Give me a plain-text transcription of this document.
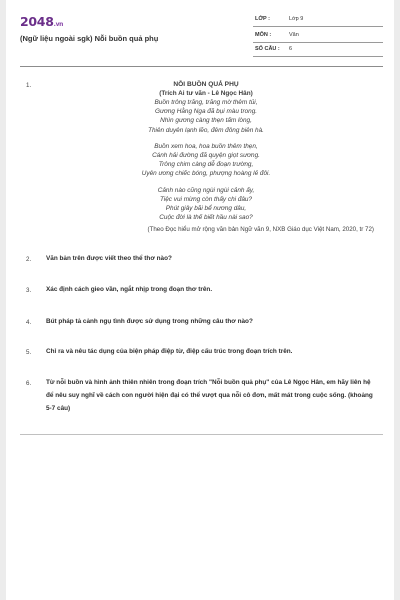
2048.vn
(Ngữ liệu ngoài sgk) Nỗi buồn quả phụ
LỚP :	Lớp 9
MÔN :	Văn
SỐ CÂU : 6
1.	NỖI BUỒN QUẢ PHỤ
(Trích Ai tư vãn - Lê Ngọc Hân)
Buồn trông trăng, trăng mờ thêm tủi,
Gương Hằng Nga đã bụi màu trong.
Nhìn gương càng thẹn tấm lòng,
Thiên duyên lạnh lẽo, đêm đông biên hà.
Buồn xem hoa, hoa buồn thêm thẹn,
Cánh hải đường đã quyện giọt sương.
Trông chim càng dễ đoạn trường,
Uyên ương chiếc bóng, phượng hoàng lẻ đôi.
Cảnh nào cũng ngùi ngùi cảnh ấy,
Tiệc vui mừng còn thấy chi đâu?
Phút giây bãi bể nương dâu,
Cuộc đời là thế biết hầu nài sao?
(Theo Đọc hiểu mở rộng văn bản Ngữ văn 9, NXB Giáo dục Việt Nam, 2020, tr 72)
2. Văn bản trên được viết theo thể thơ nào?
3. Xác định cách gieo vần, ngắt nhịp trong đoạn thơ trên.
4. Bút pháp tả cảnh ngụ tình được sử dụng trong những câu thơ nào?
5. Chỉ ra và nêu tác dụng của biện pháp điệp từ, điệp cấu trúc trong đoạn trích trên.
6. Từ nỗi buồn và hình ảnh thiên nhiên trong đoạn trích "Nỗi buồn quả phụ" của Lê Ngọc Hân, em hãy liên hệ để nêu suy nghĩ về cách con người hiện đại có thể vượt qua nỗi cô đơn, mất mát trong cuộc sống. (khoảng 5-7 câu)
